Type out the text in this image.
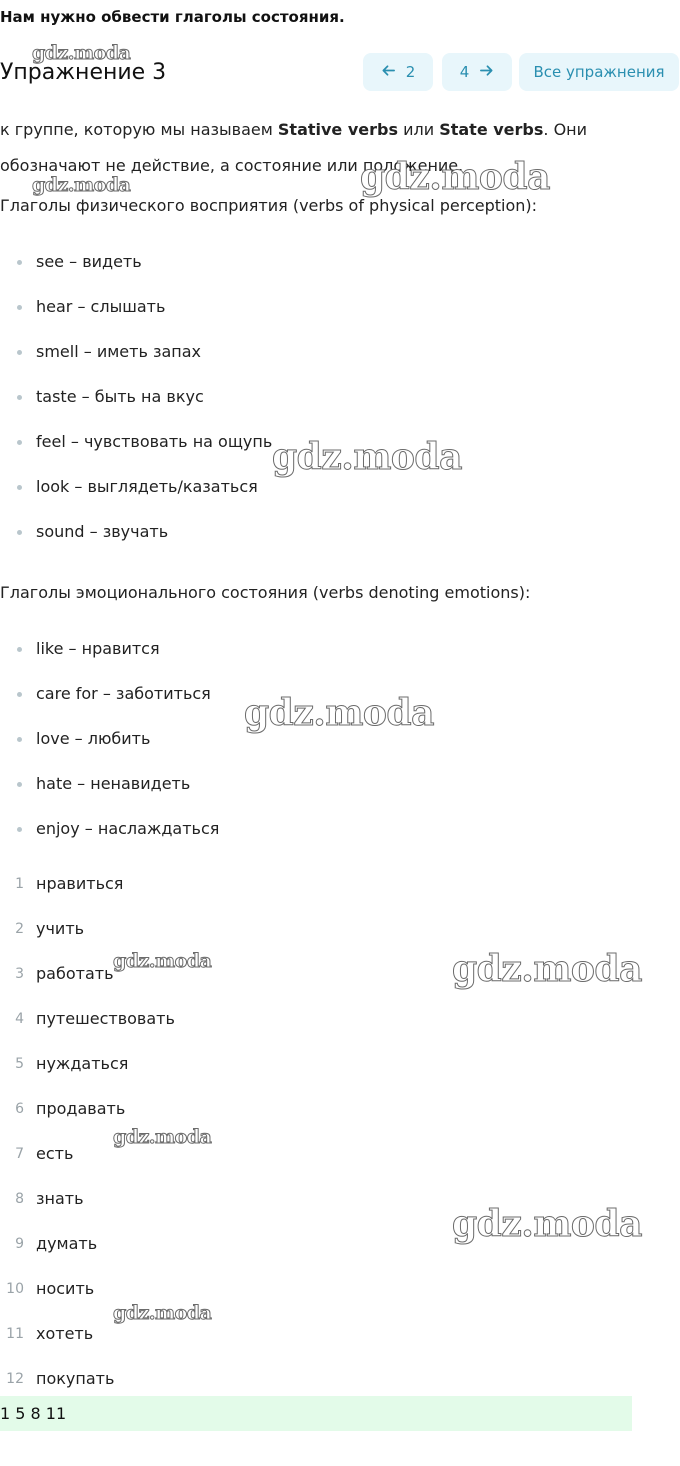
Нам нужно обвести глаголы состояния.
Упражнение 3	2	4	Все упражнения
к группе, которую мы называем Stative verbs или State verbs. Они обозначают не действие, а состояние или положение.
Глаголы физического восприятия (verbs of physical perception):
see – видеть
hear – слышать
smell – иметь запах
taste – быть на вкус
feel – чувствовать на ощупь
look – выглядеть/казаться
sound – звучать
Глаголы эмоционального состояния (verbs denoting emotions):
like – нравится
care for – заботиться
love – любить
hate – ненавидеть
enjoy – наслаждаться
1 нравиться
2 учить
3 работать
4 путешествовать
5 нуждаться
6 продавать
7 есть
8 знать
9 думать
10 носить
11 хотеть
12 покупать
1 5 8 11
gdz.moda
gdz.moda	gdz.moda
gdz.moda
gdz.moda
gdz.moda	gdz.moda
gdz.moda
gdz.moda
gdz.moda
